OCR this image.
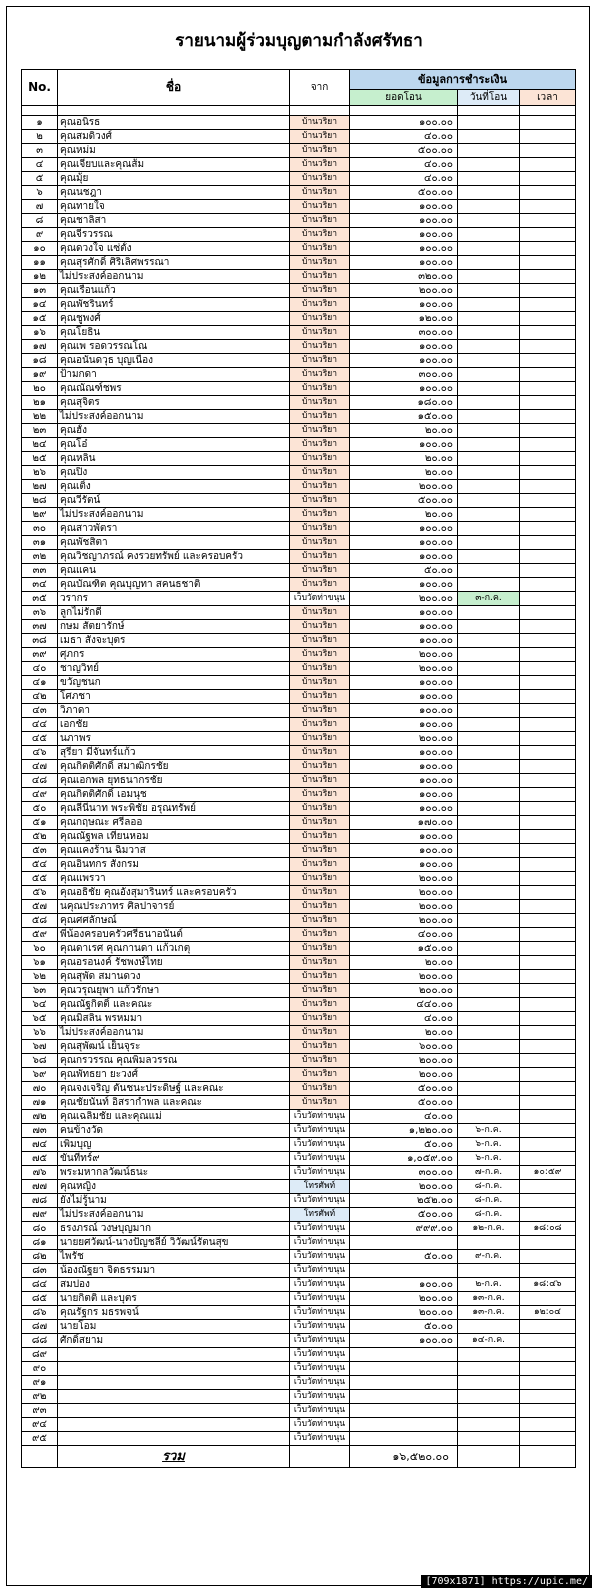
รายนามผู้ร่วมบุญตามกำลังศรัทธา
No.	ชื่อ	จาก	ข้อมูลการชำระเงิน		
			ยอดโอน	วันที่โอน	เวลา

๑	คุณอนิรธ	บ้านวริยา	๑๐๐.๐๐		
๒	คุณสมดิวงศ์	บ้านวริยา	๔๐.๐๐		
๓	คุณหม่ม	บ้านวริยา	๕๐๐.๐๐		
๔	คุณเจียบและคุณส้ม	บ้านวริยา	๔๐.๐๐		
๕	คุณมุ้ย	บ้านวริยา	๔๐.๐๐		
๖	คุณนชฎา	บ้านวริยา	๕๐๐.๐๐		
๗	คุณทายใจ	บ้านวริยา	๑๐๐.๐๐		
๘	คุณชาลิสา	บ้านวริยา	๑๐๐.๐๐		
๙	คุณจีรวรรณ	บ้านวริยา	๑๐๐.๐๐		
๑๐	คุณดวงใจ แซ่ตั้ง	บ้านวริยา	๑๐๐.๐๐		
๑๑	คุณสุรศักดิ์ ศิริเลิศพรรณา	บ้านวริยา	๑๐๐.๐๐		
๑๒	ไม่ประสงค์ออกนาม	บ้านวริยา	๓๒๐.๐๐		
๑๓	คุณเรือนแก้ว	บ้านวริยา	๒๐๐.๐๐		
๑๔	คุณพัชรินทร์	บ้านวริยา	๑๐๐.๐๐		
๑๕	คุณชูพงศ์	บ้านวริยา	๑๒๐.๐๐		
๑๖	คุณโยธิน	บ้านวริยา	๓๐๐.๐๐		
๑๗	คุณเพ รอดวรรณโณ	บ้านวริยา	๑๐๐.๐๐		
๑๘	คุณอนันดวุธ บุญเนื่อง	บ้านวริยา	๑๐๐.๐๐		
๑๙	ป้ามกดา	บ้านวริยา	๓๐๐.๐๐		
๒๐	คุณณัณฑ์ชพร	บ้านวริยา	๑๐๐.๐๐		
๒๑	คุณสุจิตร	บ้านวริยา	๑๘๐.๐๐		
๒๒	ไม่ประสงค์ออกนาม	บ้านวริยา	๑๕๐.๐๐		
๒๓	คุณฮั้ง	บ้านวริยา	๒๐.๐๐		
๒๔	คุณโอ๋	บ้านวริยา	๑๐๐.๐๐		
๒๕	คุณหลิ่น	บ้านวริยา	๒๐.๐๐		
๒๖	คุณปิง	บ้านวริยา	๒๐.๐๐		
๒๗	คุณเติ้ง	บ้านวริยา	๒๐๐.๐๐		
๒๘	คุณวีรัตน์	บ้านวริยา	๕๐๐.๐๐		
๒๙	ไม่ประสงค์ออกนาม	บ้านวริยา	๒๐.๐๐		
๓๐	คุณสาวพัตรา	บ้านวริยา	๑๐๐.๐๐		
๓๑	คุณพัชสิตา	บ้านวริยา	๑๐๐.๐๐		
๓๒	คุณวิชญาภรณ์ คงรวยทรัพย์ และครอบครัว	บ้านวริยา	๑๐๐.๐๐		
๓๓	คุณแคน	บ้านวริยา	๕๐.๐๐		
๓๔	คุณบัณฑิต คุณบุญทา สคนธชาติ	บ้านวริยา	๑๐๐.๐๐		
๓๕	วรากร	เว็บวัดท่าขนุน	๒๐๐.๐๐	๓-ก.ค.	
๓๖	ลูกไม่รักดี	บ้านวริยา	๑๐๐.๐๐		
๓๗	กษม สัตยารักษ์	บ้านวริยา	๑๐๐.๐๐		
๓๘	เมธา สังจะบุตร	บ้านวริยา	๑๐๐.๐๐		
๓๙	ศุภกร	บ้านวริยา	๒๐๐.๐๐		
๔๐	ชาญวิทย์	บ้านวริยา	๒๐๐.๐๐		
๔๑	ขวัญชนก	บ้านวริยา	๑๐๐.๐๐		
๔๒	โศภชา	บ้านวริยา	๑๐๐.๐๐		
๔๓	วิภาดา	บ้านวริยา	๑๐๐.๐๐		
๔๔	เอกชัย	บ้านวริยา	๑๐๐.๐๐		
๔๕	นภาพร	บ้านวริยา	๒๐๐.๐๐		
๔๖	สุรียา มีจันทร์แก้ว	บ้านวริยา	๑๐๐.๐๐		
๔๗	คุณกิตติศักดิ์ สมาฒิกรชัย	บ้านวริยา	๑๐๐.๐๐		
๔๘	คุณเอกพล ยุทธนากรชัย	บ้านวริยา	๑๐๐.๐๐		
๔๙	คุณกิตติศักดิ์ เอมนุช	บ้านวริยา	๑๐๐.๐๐		
๕๐	คุณลีนีนาท พระพิชัย อรุณทรัพย์	บ้านวริยา	๑๐๐.๐๐		
๕๑	คุณกฤษณะ ศรีลออ	บ้านวริยา	๑๗๐.๐๐		
๕๒	คุณณัฐพล เทียนหอม	บ้านวริยา	๑๐๐.๐๐		
๕๓	คุณแคงร้าน ฉิมวาส	บ้านวริยา	๑๐๐.๐๐		
๕๔	คุณอินทกร สังกรม	บ้านวริยา	๑๐๐.๐๐		
๕๕	คุณแพรวา	บ้านวริยา	๒๐๐.๐๐		
๕๖	คุณอธิชัย คุณอังสุมารินทร์ และครอบครัว	บ้านวริยา	๒๐๐.๐๐		
๕๗	นคุณประภาทร ศิลปาจารย์	บ้านวริยา	๒๐๐.๐๐		
๕๘	คุณศศลักษณ์	บ้านวริยา	๒๐๐.๐๐		
๕๙	พี่น้องครอบครัวศรีธนาอนันต์	บ้านวริยา	๔๐๐.๐๐		
๖๐	คุณดาเรศ คุณกานดา แก้วเกตุ	บ้านวริยา	๑๕๐.๐๐		
๖๑	คุณอรอนงค์ รัชพงษ์ไทย	บ้านวริยา	๒๐.๐๐		
๖๒	คุณสุพัด สมานดวง	บ้านวริยา	๒๐๐.๐๐		
๖๓	คุณวรุณยุพา แก้วรักษา	บ้านวริยา	๒๐๐.๐๐		
๖๔	คุณณัฐกิตติ์ และคณะ	บ้านวริยา	๔๔๐.๐๐		
๖๕	คุณมิสลิน พรหมมา	บ้านวริยา	๔๐.๐๐		
๖๖	ไม่ประสงค์ออกนาม	บ้านวริยา	๒๐.๐๐		
๖๗	คุณสุพัฒน์ เย็นจุระ	บ้านวริยา	๖๐๐.๐๐		
๖๘	คุณกรวรรณ คุณพิมลวรรณ	บ้านวริยา	๒๐๐.๐๐		
๖๙	คุณพัทธยา ยะวงศ์	บ้านวริยา	๒๐๐.๐๐		
๗๐	คุณจงเจริญ ตันชนะประดิษฐ์ และคณะ	บ้านวริยา	๕๐๐.๐๐		
๗๑	คุณชัยนันท์ อิสรากำพล และคณะ	บ้านวริยา	๕๐๐.๐๐		
๗๒	คุณเฉลิมชัย และคุณแม่	เว็บวัดท่าขนุน	๔๐.๐๐		
๗๓	คนข้างวัด	เว็บวัดท่าขนุน	๑,๒๒๐.๐๐	๖-ก.ค.	
๗๔	เพิ่มบุญ	เว็บวัดท่าขนุน	๕๐.๐๐	๖-ก.ค.	
๗๕	ขันทีทร์๙	เว็บวัดท่าขนุน	๑,๐๕๙.๐๐	๖-ก.ค.	
๗๖	พระมหากลวัฒน์ธนะ	เว็บวัดท่าขนุน	๓๐๐.๐๐	๗-ก.ค.	๑๐:๕๙
๗๗	คุณหญิง	โทรศัพท์	๒๐๐.๐๐	๘-ก.ค.	
๗๘	ยังไม่รู้นาม	เว็บวัดท่าขนุน	๒๕๒.๐๐	๘-ก.ค.	
๗๙	ไม่ประสงค์ออกนาม	โทรศัพท์	๕๐๐.๐๐	๘-ก.ค.	
๘๐	ธรงภรณ์ วงษบุญมาก	เว็บวัดท่าขนุน	๙๙๙.๐๐	๑๒-ก.ค.	๑๘:๐๘
๘๑	นายยศวัฒน์-นางปัญชลีย์ วิวัฒน์รัตนสุข	เว็บวัดท่าขนุน			
๘๒	ไพรัช	เว็บวัดท่าขนุน	๕๐.๐๐	๙-ก.ค.	
๘๓	น้องณัฐยา จิตธรรมมา	เว็บวัดท่าขนุน			
๘๔	สมปอง	เว็บวัดท่าขนุน	๑๐๐.๐๐	๒-ก.ค.	๑๘:๔๖
๘๕	นายกิตติ และบุตร	เว็บวัดท่าขนุน	๒๐๐.๐๐	๑๓-ก.ค.	
๘๖	คุณรัฐกร มธรพจน์	เว็บวัดท่าขนุน	๒๐๐.๐๐	๑๓-ก.ค.	๑๒:๐๔
๘๗	นายโอม	เว็บวัดท่าขนุน	๕๐.๐๐		
๘๘	ศักดิ์สยาม	เว็บวัดท่าขนุน	๑๐๐.๐๐	๑๔-ก.ค.	
๘๙		เว็บวัดท่าขนุน			
๙๐		เว็บวัดท่าขนุน			
๙๑		เว็บวัดท่าขนุน			
๙๒		เว็บวัดท่าขนุน			
๙๓		เว็บวัดท่าขนุน			
๙๔		เว็บวัดท่าขนุน			
๙๕		เว็บวัดท่าขนุน			
	รวม		๑๖,๕๒๐.๐๐		
[709x1871] https://upic.me/
